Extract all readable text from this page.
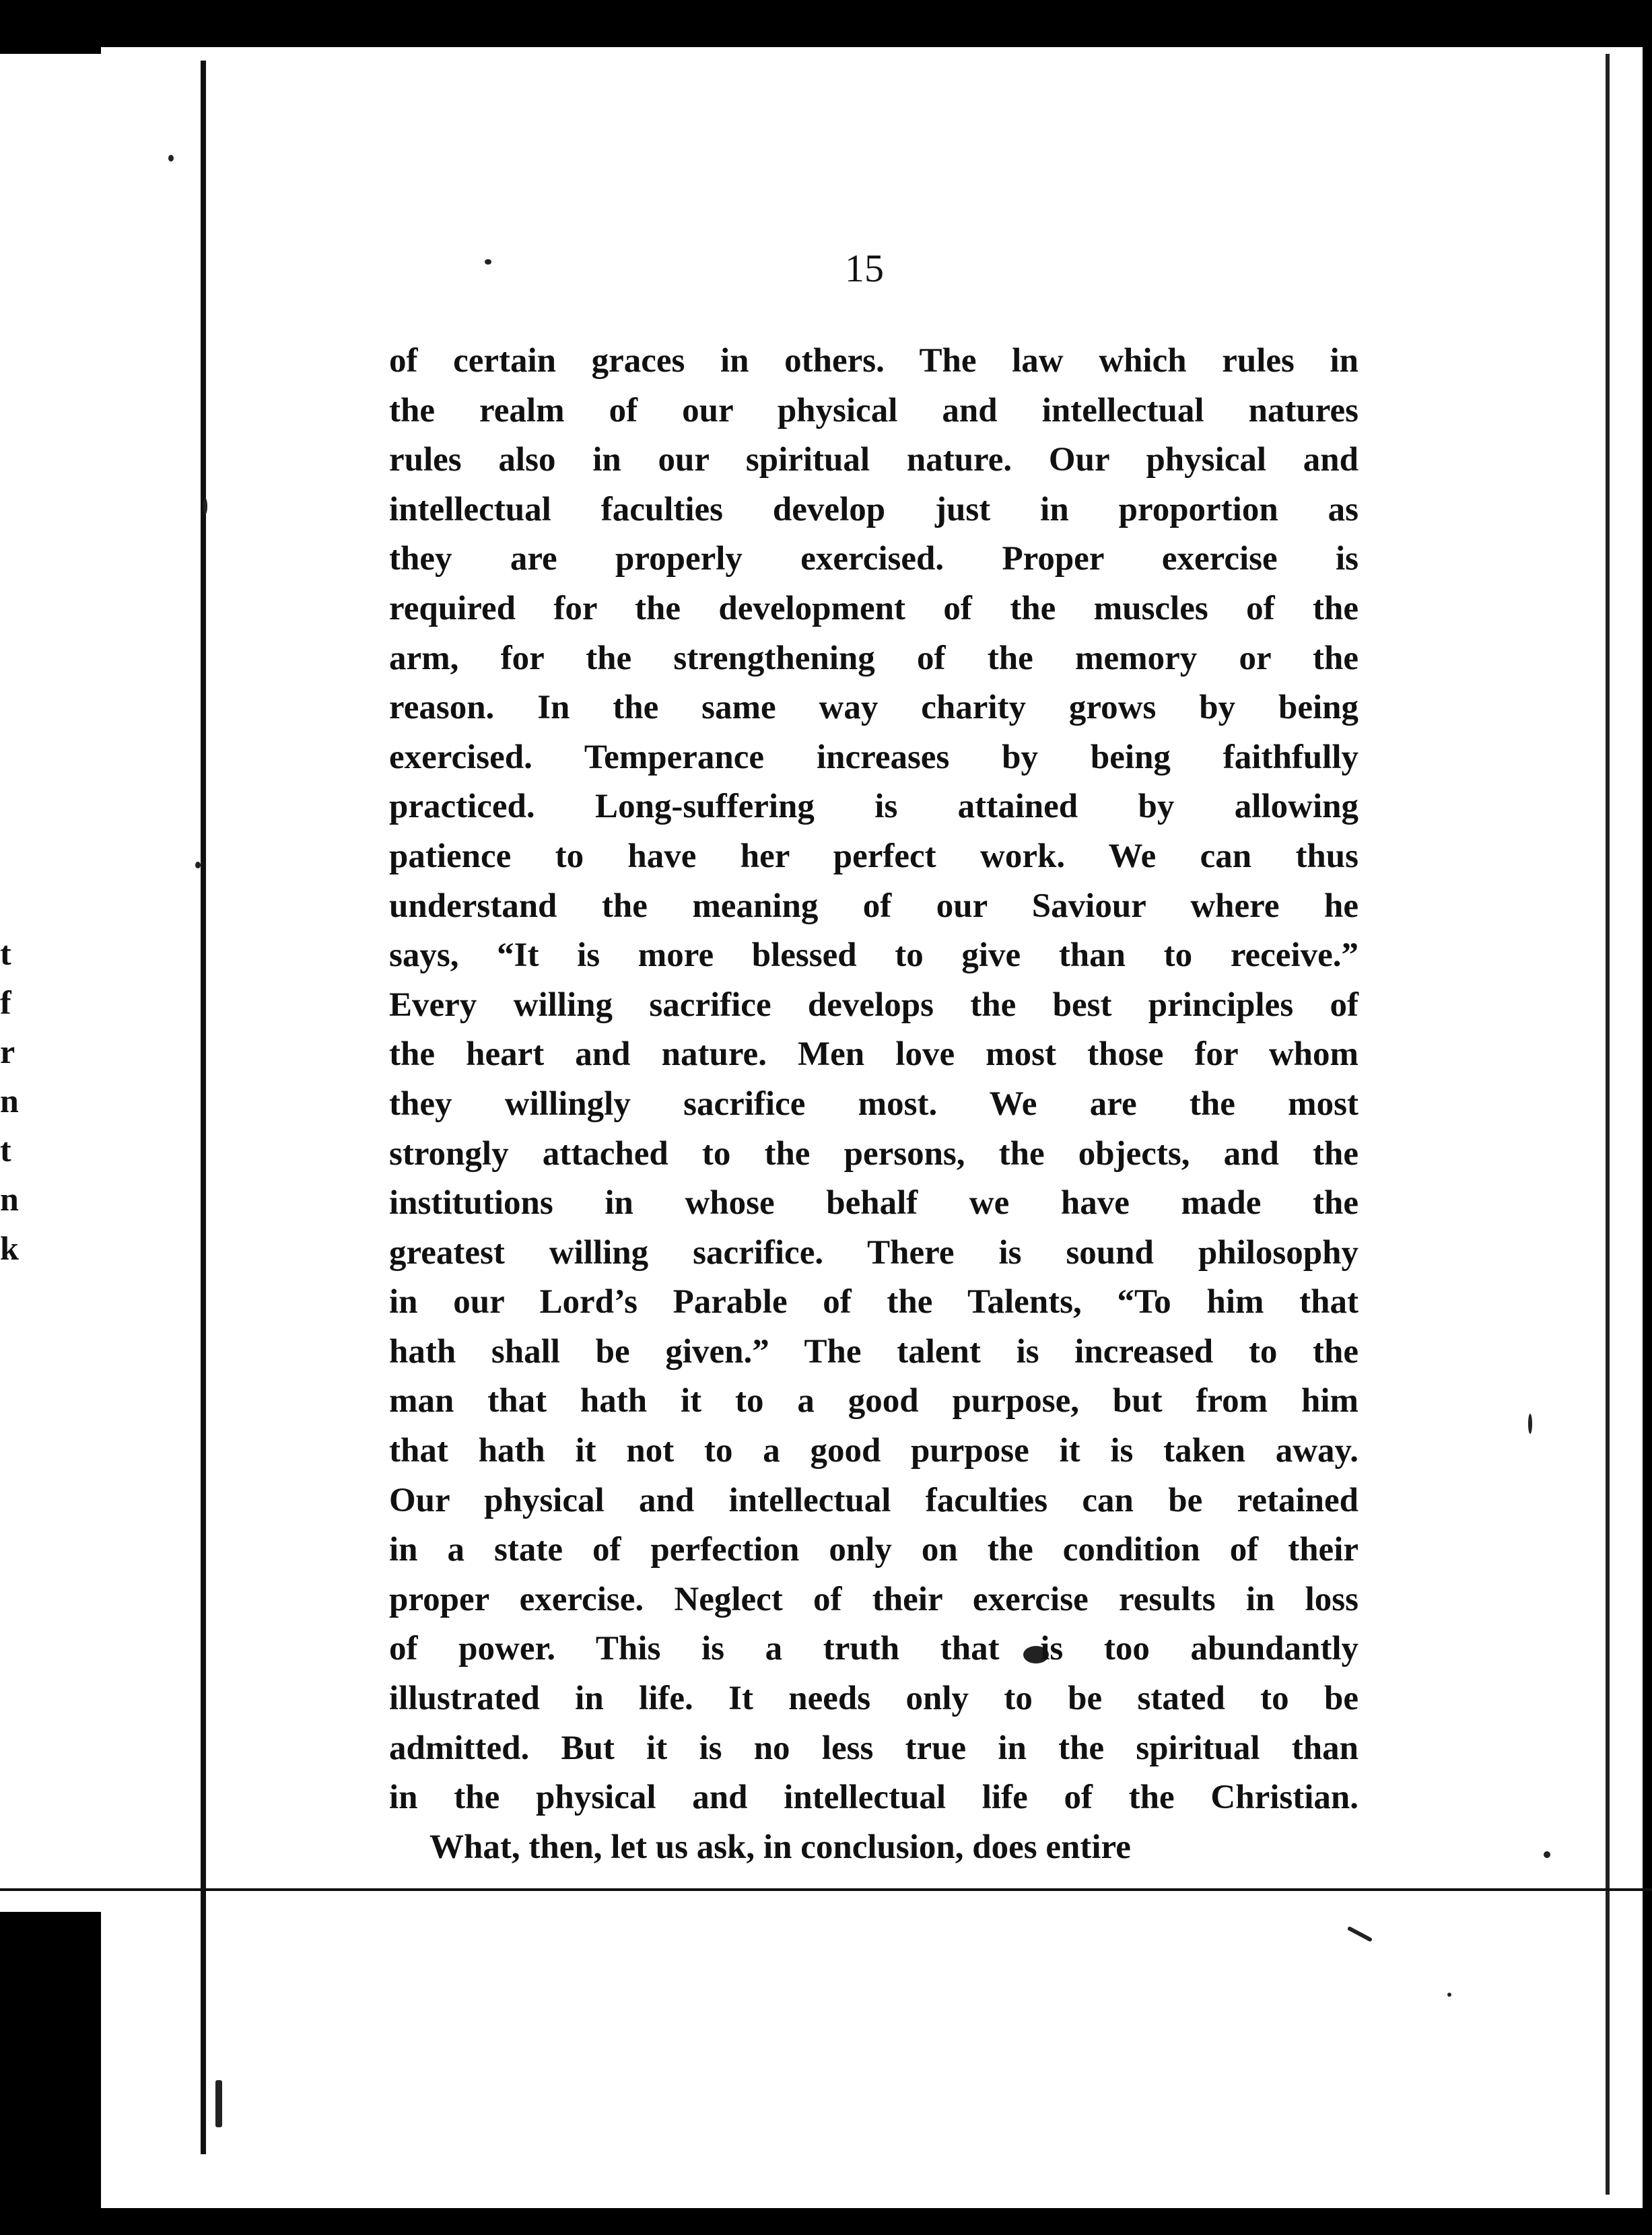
15

t
f
r
n
t
n
k
of certain graces in others. The law which rules in
the realm of our physical and intellectual natures
rules also in our spiritual nature. Our physical and
intellectual faculties develop just in proportion as
they are properly exercised. Proper exercise is
required for the development of the muscles of the
arm, for the strengthening of the memory or the
reason. In the same way charity grows by being
exercised. Temperance increases by being faithfully
practiced. Long-suffering is attained by allowing
patience to have her perfect work. We can thus
understand the meaning of our Saviour where he
says, “It is more blessed to give than to receive.”
Every willing sacrifice develops the best principles of
the heart and nature. Men love most those for whom
they willingly sacrifice most. We are the most
strongly attached to the persons, the objects, and the
institutions in whose behalf we have made the
greatest willing sacrifice. There is sound philosophy
in our Lord’s Parable of the Talents, “To him that
hath shall be given.” The talent is increased to the
man that hath it to a good purpose, but from him
that hath it not to a good purpose it is taken away.
Our physical and intellectual faculties can be retained
in a state of perfection only on the condition of their
proper exercise. Neglect of their exercise results in loss
of power. This is a truth that is too abundantly
illustrated in life. It needs only to be stated to be
admitted. But it is no less true in the spiritual than
in the physical and intellectual life of the Christian.
What, then, let us ask, in conclusion, does entire
